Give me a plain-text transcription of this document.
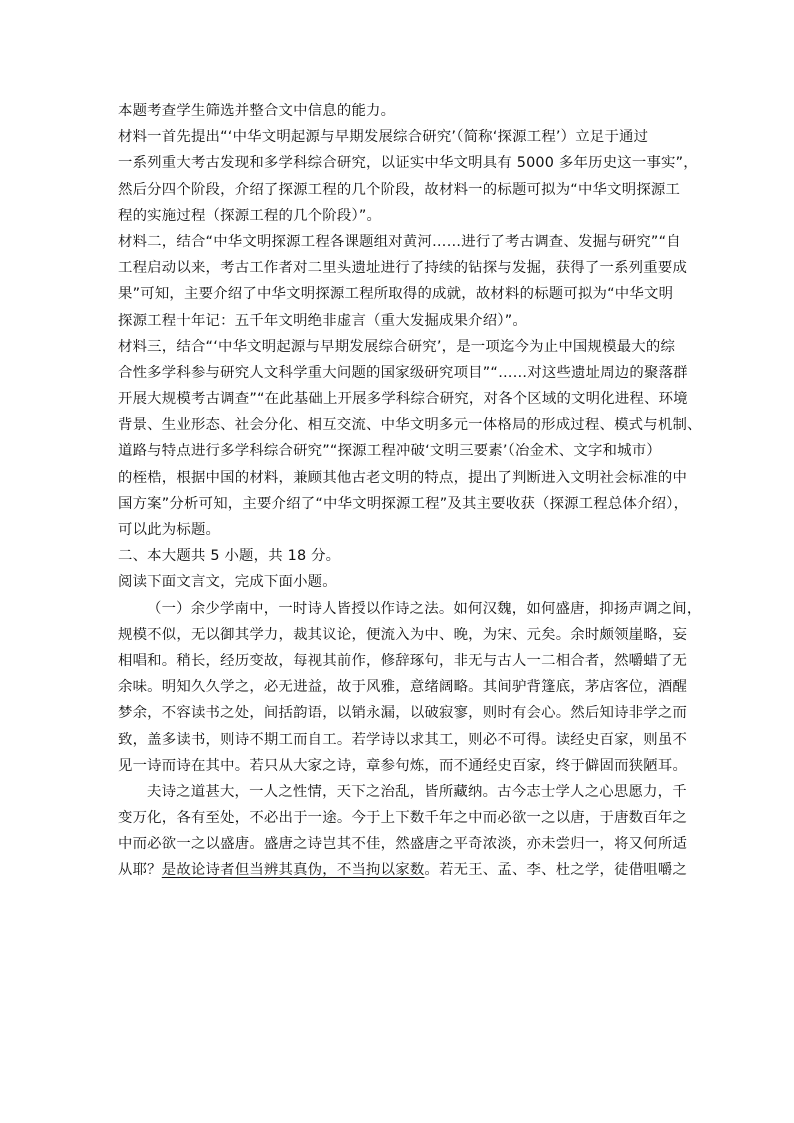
本题考查学生筛选并整合文中信息的能力。
材料一首先提出“‘中华文明起源与早期发展综合研究’（简称‘探源工程’）立足于通过
一系列重大考古发现和多学科综合研究，以证实中华文明具有 5000 多年历史这一事实”，
然后分四个阶段，介绍了探源工程的几个阶段，故材料一的标题可拟为“中华文明探源工
程的实施过程（探源工程的几个阶段）”。
材料二，结合“中华文明探源工程各课题组对黄河……进行了考古调查、发掘与研究”“自
工程启动以来，考古工作者对二里头遗址进行了持续的钻探与发掘，获得了一系列重要成
果”可知，主要介绍了中华文明探源工程所取得的成就，故材料的标题可拟为“中华文明
探源工程十年记：五千年文明绝非虚言（重大发掘成果介绍）”。
材料三，结合“‘中华文明起源与早期发展综合研究’，是一项迄今为止中国规模最大的综
合性多学科参与研究人文科学重大问题的国家级研究项目”“……对这些遗址周边的聚落群
开展大规模考古调查”“在此基础上开展多学科综合研究，对各个区域的文明化进程、环境
背景、生业形态、社会分化、相互交流、中华文明多元一体格局的形成过程、模式与机制、
道路与特点进行多学科综合研究”“探源工程冲破‘文明三要素’（冶金术、文字和城市）
的桎梏，根据中国的材料，兼顾其他古老文明的特点，提出了判断进入文明社会标准的中
国方案”分析可知，主要介绍了“中华文明探源工程”及其主要收获（探源工程总体介绍），
可以此为标题。
二、本大题共 5 小题，共 18 分。
阅读下面文言文，完成下面小题。
（一）余少学南中，一时诗人皆授以作诗之法。如何汉魏，如何盛唐，抑扬声调之间，
规模不似，无以御其学力，裁其议论，便流入为中、晚，为宋、元矣。余时颇领崖略，妄
相唱和。稍长，经历变故，每视其前作，修辞琢句，非无与古人一二相合者，然嚼蜡了无
余味。明知久久学之，必无进益，故于风雅，意绪阔略。其间驴背篷底，茅店客位，酒醒
梦余，不容读书之处，间括韵语，以销永漏，以破寂寥，则时有会心。然后知诗非学之而
致，盖多读书，则诗不期工而自工。若学诗以求其工，则必不可得。读经史百家，则虽不
见一诗而诗在其中。若只从大家之诗，章参句炼，而不通经史百家，终于僻固而狭陋耳。
夫诗之道甚大，一人之性情，天下之治乱，皆所藏纳。古今志士学人之心思愿力，千
变万化，各有至处，不必出于一途。今于上下数千年之中而必欲一之以唐，于唐数百年之
中而必欲一之以盛唐。盛唐之诗岂其不佳，然盛唐之平奇浓淡，亦未尝归一，将又何所适
从耶？是故论诗者但当辨其真伪，不当拘以家数。若无王、孟、李、杜之学，徒借咀嚼之
